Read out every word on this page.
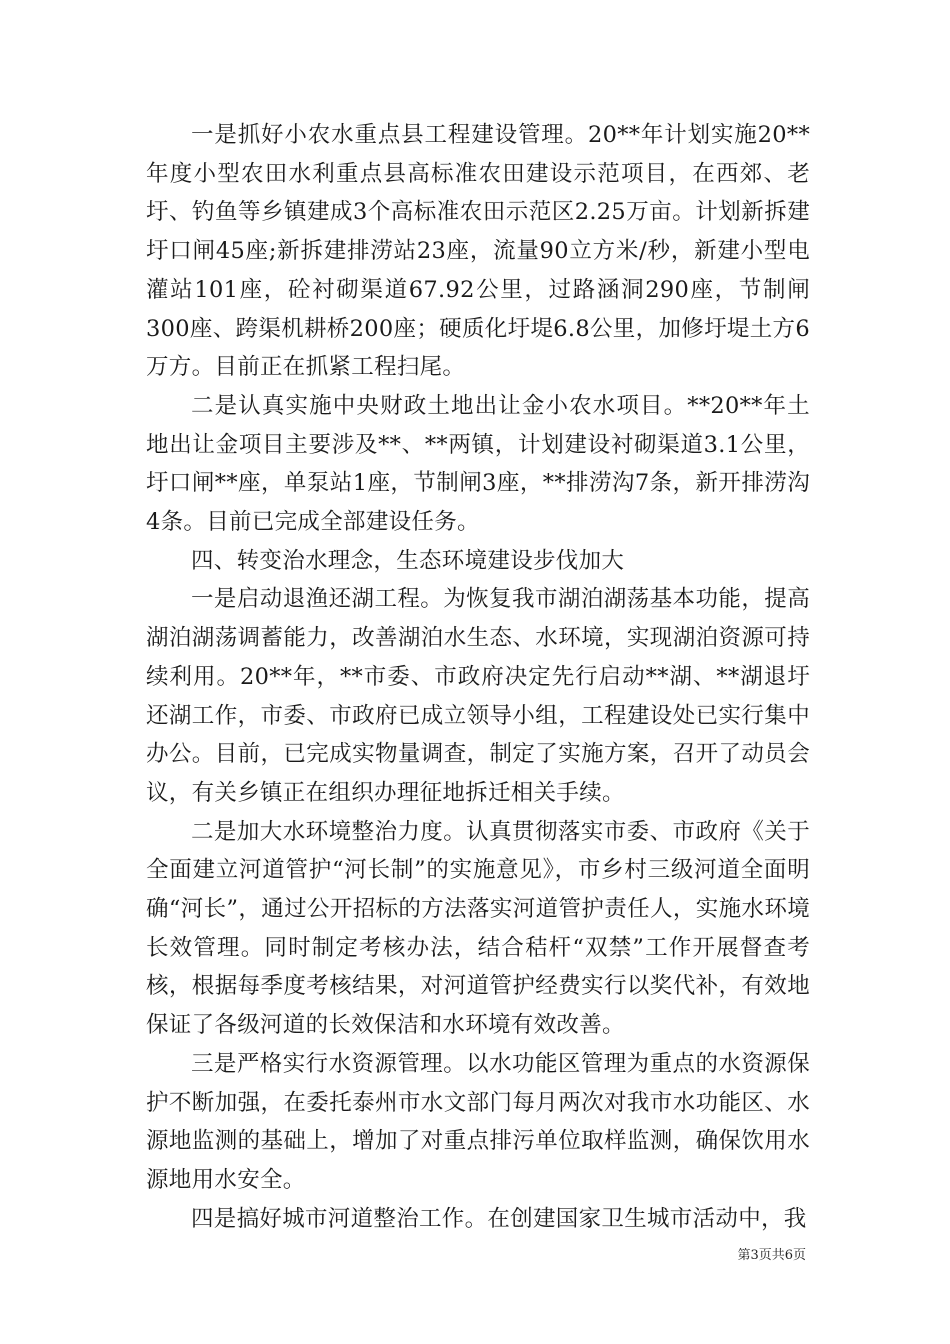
一是抓好小农水重点县工程建设管理。20**年计划实施20**年度小型农田水利重点县高标准农田建设示范项目，在西郊、老圩、钓鱼等乡镇建成3个高标准农田示范区2.25万亩。计划新拆建圩口闸45座;新拆建排涝站23座，流量90立方米/秒，新建小型电灌站101座，砼衬砌渠道67.92公里，过路涵洞290座，节制闸300座、跨渠机耕桥200座；硬质化圩堤6.8公里，加修圩堤土方6万方。目前正在抓紧工程扫尾。

二是认真实施中央财政土地出让金小农水项目。**20**年土地出让金项目主要涉及**、**两镇，计划建设衬砌渠道3.1公里，圩口闸**座，单泵站1座，节制闸3座，**排涝沟7条，新开排涝沟4条。目前已完成全部建设任务。

四、转变治水理念，生态环境建设步伐加大

一是启动退渔还湖工程。为恢复我市湖泊湖荡基本功能，提高湖泊湖荡调蓄能力，改善湖泊水生态、水环境，实现湖泊资源可持续利用。20**年，**市委、市政府决定先行启动**湖、**湖退圩还湖工作，市委、市政府已成立领导小组，工程建设处已实行集中办公。目前，已完成实物量调查，制定了实施方案，召开了动员会议，有关乡镇正在组织办理征地拆迁相关手续。

二是加大水环境整治力度。认真贯彻落实市委、市政府《关于全面建立河道管护“河长制”的实施意见》，市乡村三级河道全面明确“河长”，通过公开招标的方法落实河道管护责任人，实施水环境长效管理。同时制定考核办法，结合秸杆“双禁”工作开展督查考核，根据每季度考核结果，对河道管护经费实行以奖代补，有效地保证了各级河道的长效保洁和水环境有效改善。

三是严格实行水资源管理。以水功能区管理为重点的水资源保护不断加强，在委托泰州市水文部门每月两次对我市水功能区、水源地监测的基础上，增加了对重点排污单位取样监测，确保饮用水源地用水安全。

四是搞好城市河道整治工作。在创建国家卫生城市活动中，我

第3页共6页
